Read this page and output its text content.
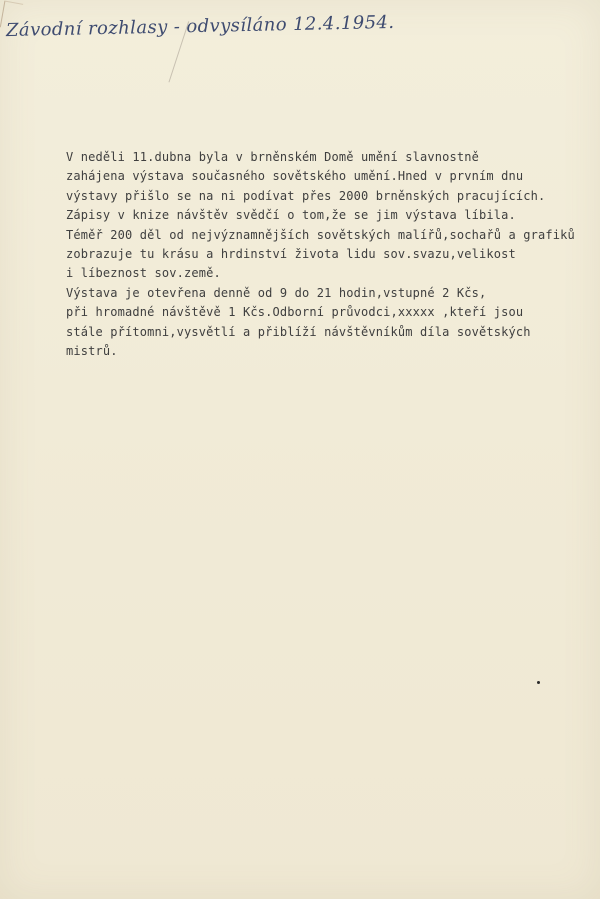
Závodní rozhlasy - odvysíláno 12.4.1954.
V neděli 11.dubna byla v brněnském Domě umění slavnostně
zahájena výstava současného sovětského umění.Hned v prvním dnu
výstavy přišlo se na ni podívat přes 2000 brněnských pracujících.
Zápisy v knize návštěv svědčí o tom,že se jim výstava líbila.
Téměř 200 děl od nejvýznamnějších sovětských malířů,sochařů a grafiků
zobrazuje tu krásu a hrdinství života lidu sov.svazu,velikost
i líbeznost sov.země.
Výstava je otevřena denně od 9 do 21 hodin,vstupné 2 Kčs,
při hromadné návštěvě 1 Kčs.Odborní průvodci,xxxxx ,kteří jsou
stále přítomni,vysvětlí a přiblíží návštěvníkům díla sovětských
mistrů.
